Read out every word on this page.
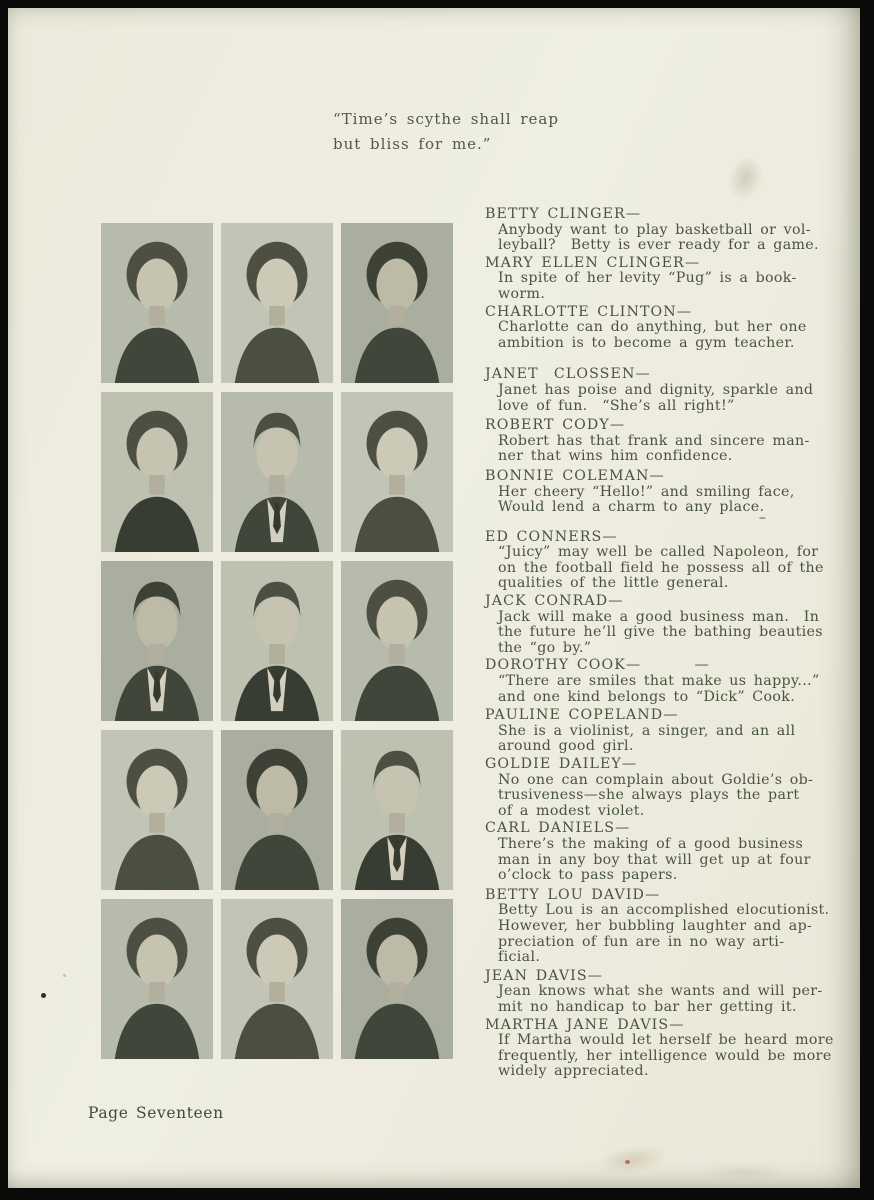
“Time’s scythe shall reap
but bliss for me.”
BETTY CLINGER—
Anybody want to play basketball or vol-
leyball?  Betty is ever ready for a game.
MARY ELLEN CLINGER—
In spite of her levity “Pug” is a book-
worm.
CHARLOTTE CLINTON—
Charlotte can do anything, but her one
ambition is to become a gym teacher.
JANET  CLOSSEN—
Janet has poise and dignity, sparkle and
love of fun.  “She’s all right!”
ROBERT CODY—
Robert has that frank and sincere man-
ner that wins him confidence.
BONNIE COLEMAN—
–
Her cheery “Hello!” and smiling face,
Would lend a charm to any place.
ED CONNERS—
“Juicy” may well be called Napoleon, for
on the football field he possess all of the
qualities of the little general.
JACK CONRAD—
Jack will make a good business man.  In
the future he’ll give the bathing beauties
the “go by.”
DOROTHY COOK—       —
“There are smiles that make us happy...”
and one kind belongs to “Dick” Cook.
PAULINE COPELAND—
She is a violinist, a singer, and an all
around good girl.
GOLDIE DAILEY—
No one can complain about Goldie’s ob-
trusiveness—she always plays the part
of a modest violet.
CARL DANIELS—
There’s the making of a good business
man in any boy that will get up at four
o’clock to pass papers.
BETTY LOU DAVID—
Betty Lou is an accomplished elocutionist.
However, her bubbling laughter and ap-
preciation of fun are in no way arti-
ficial.
JEAN DAVIS—
Jean knows what she wants and will per-
mit no handicap to bar her getting it.
MARTHA JANE DAVIS—
If Martha would let herself be heard more
frequently, her intelligence would be more
widely appreciated.
Page Seventeen
